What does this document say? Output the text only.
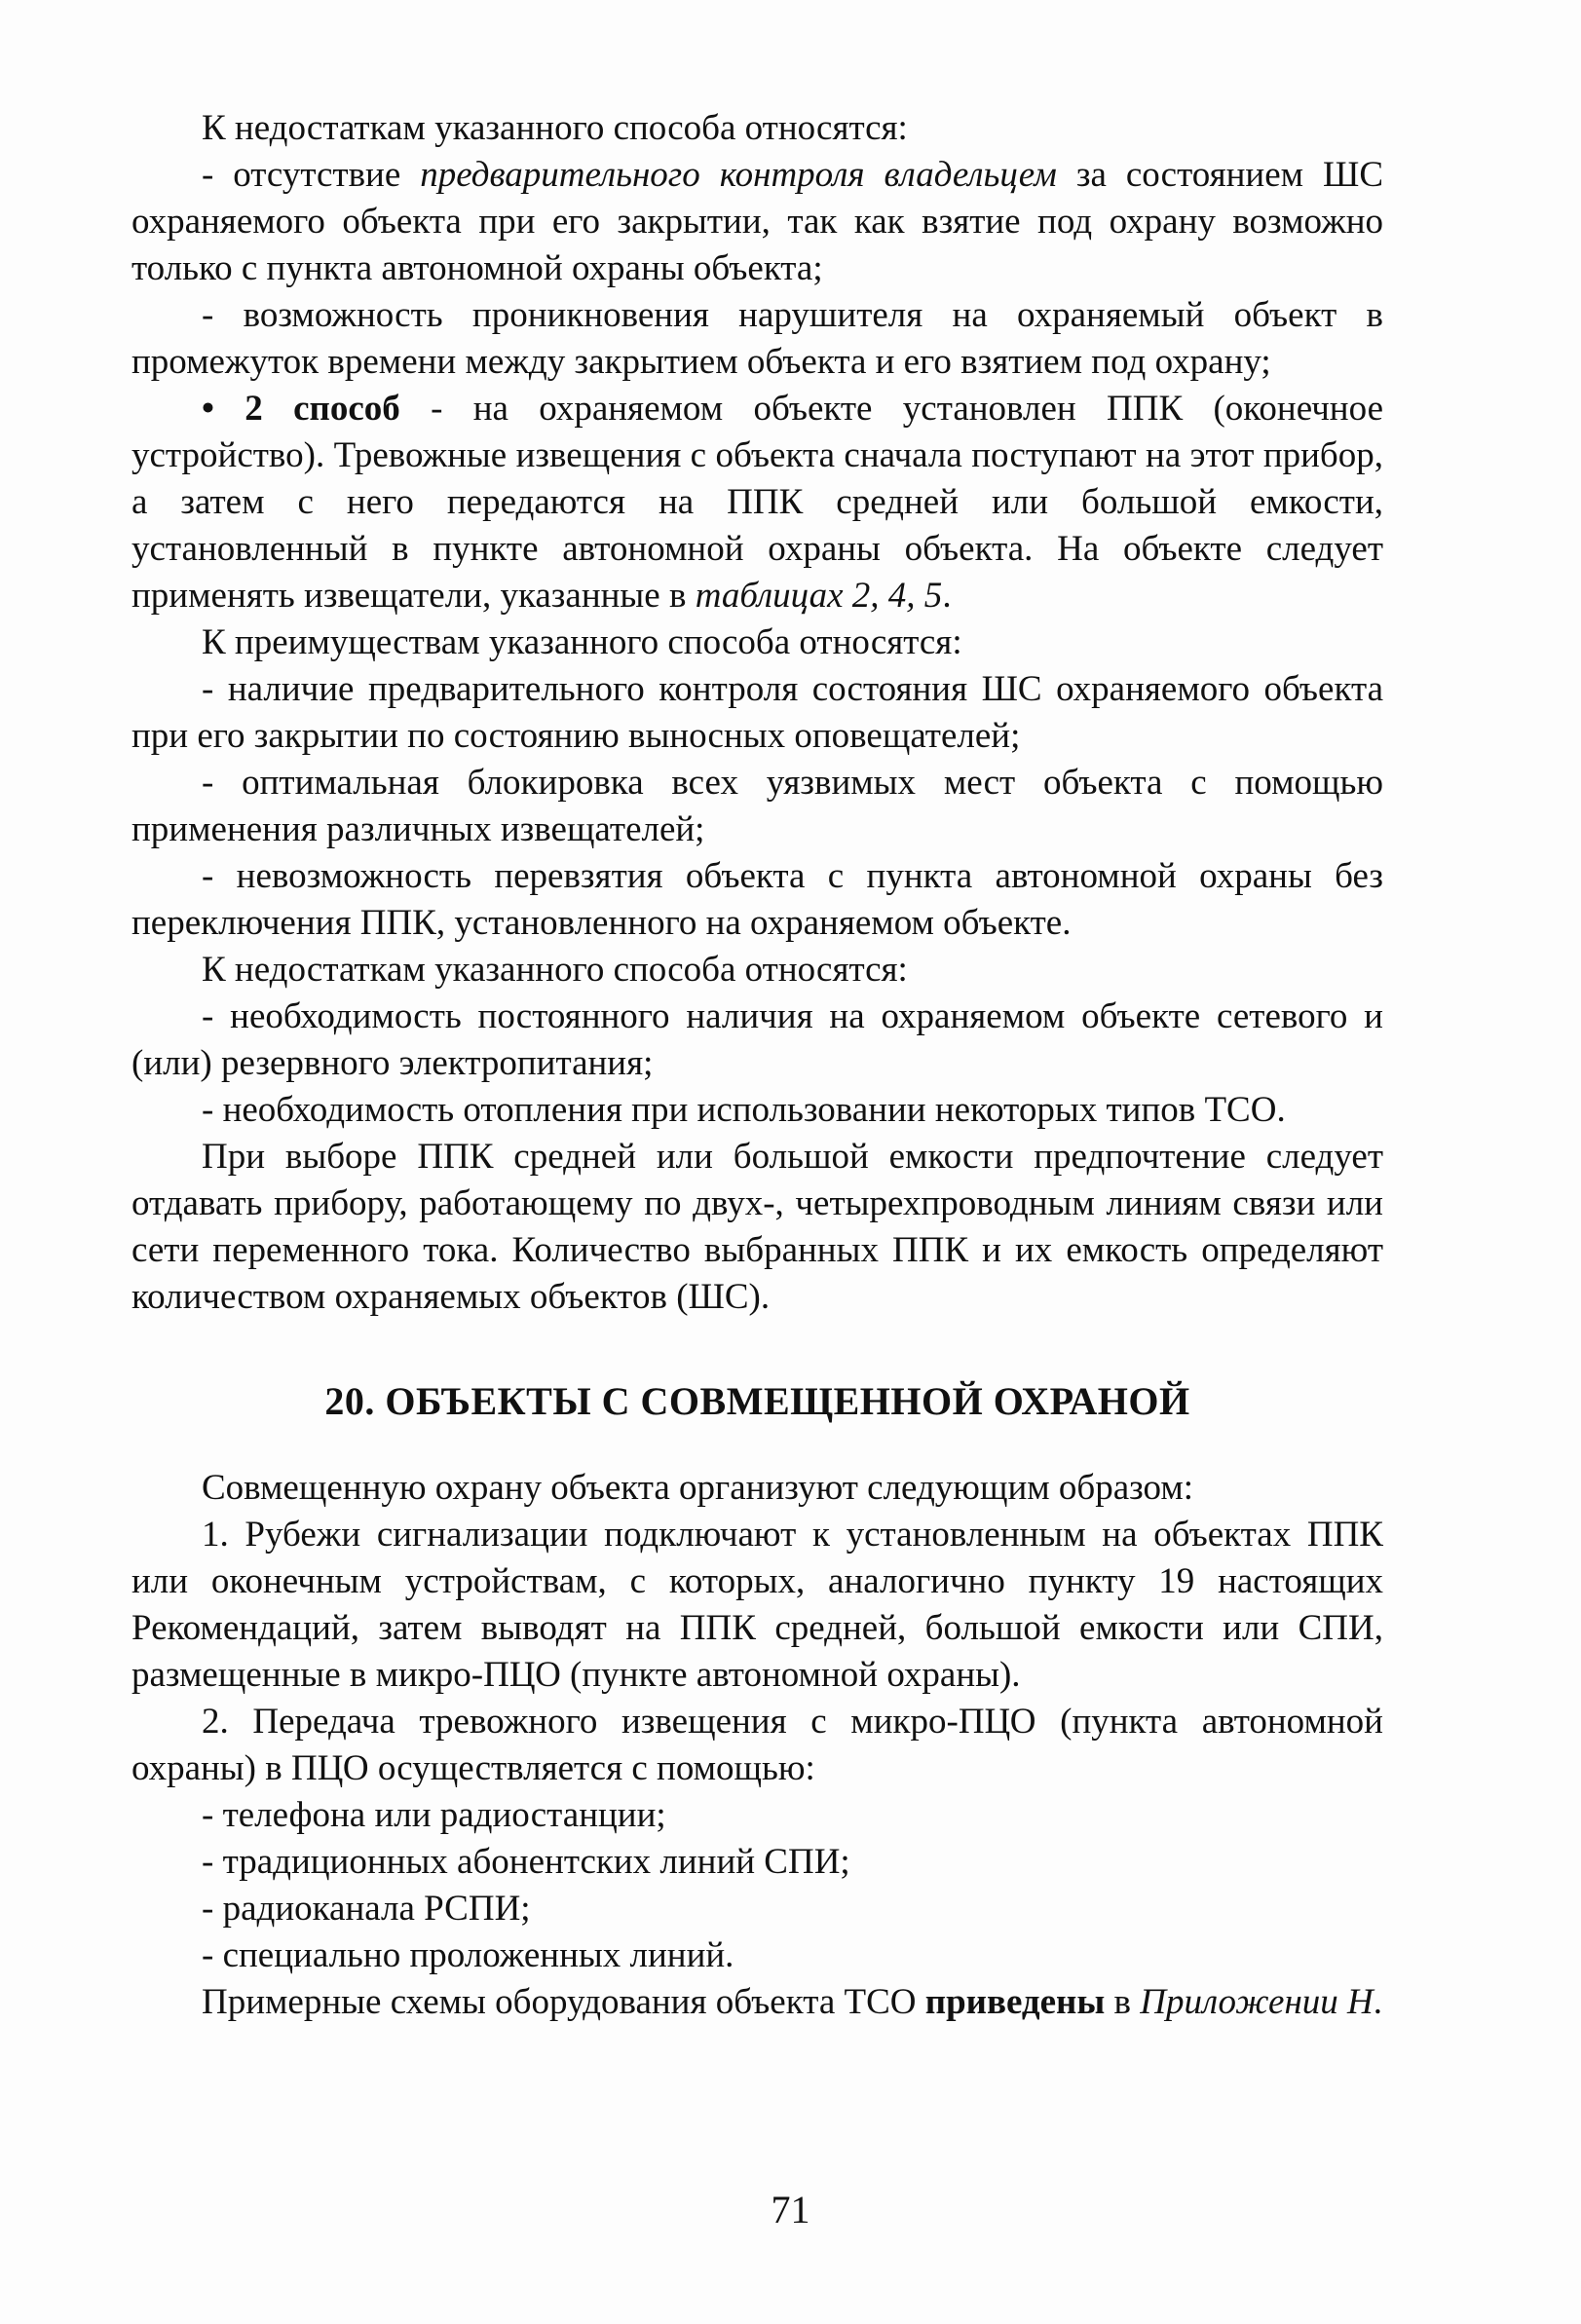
К недостаткам указанного способа относятся:

- отсутствие предварительного контроля владельцем за состоянием ШС охраняемого объекта при его закрытии, так как взятие под охрану возможно только с пункта автономной охраны объекта;

- возможность проникновения нарушителя на охраняемый объект в промежуток времени между закрытием объекта и его взятием под охрану;

• 2 способ - на охраняемом объекте установлен ППК (оконечное устройство). Тревожные извещения с объекта сначала поступают на этот прибор, а затем с него передаются на ППК средней или большой емкости, установленный в пункте автономной охраны объекта. На объекте следует применять извещатели, указанные в таблицах 2, 4, 5.

К преимуществам указанного способа относятся:

- наличие предварительного контроля состояния ШС охраняемого объекта при его закрытии по состоянию выносных оповещателей;

- оптимальная блокировка всех уязвимых мест объекта с помощью применения различных извещателей;

- невозможность перевзятия объекта с пункта автономной охраны без переключения ППК, установленного на охраняемом объекте.

К недостаткам указанного способа относятся:

- необходимость постоянного наличия на охраняемом объекте сетевого и (или) резервного электропитания;

- необходимость отопления при использовании некоторых типов ТСО.

При выборе ППК средней или большой емкости предпочтение следует отдавать прибору, работающему по двух-, четырехпроводным линиям связи или сети переменного тока. Количество выбранных ППК и их емкость определяют количеством охраняемых объектов (ШС).

20. ОБЪЕКТЫ С СОВМЕЩЕННОЙ ОХРАНОЙ

Совмещенную охрану объекта организуют следующим образом:

1. Рубежи сигнализации подключают к установленным на объектах ППК или оконечным устройствам, с которых, аналогично пункту 19 настоящих Рекомендаций, затем выводят на ППК средней, большой емкости или СПИ, размещенные в микро-ПЦО (пункте автономной охраны).

2. Передача тревожного извещения с микро-ПЦО (пункта автономной охраны) в ПЦО осуществляется с помощью:

- телефона или радиостанции;

- традиционных абонентских линий СПИ;

- радиоканала РСПИ;

- специально проложенных линий.

Примерные схемы оборудования объекта ТСО приведены в Приложении Н.

71
